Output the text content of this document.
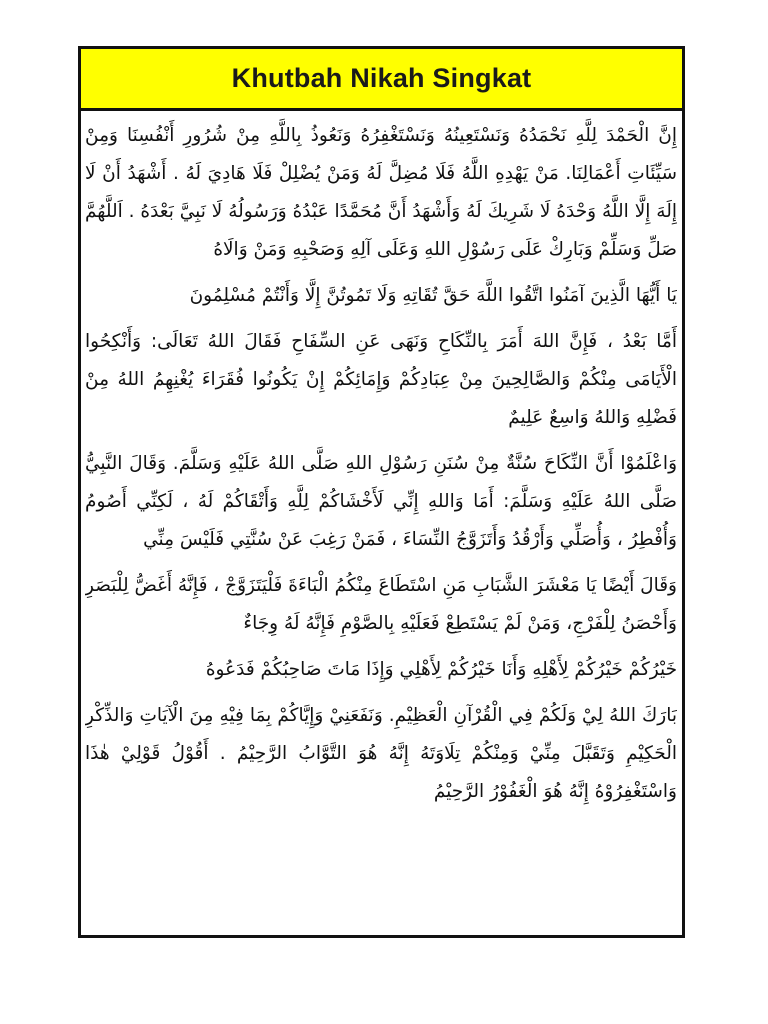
Khutbah Nikah Singkat

إِنَّ الْحَمْدَ لِلَّهِ نَحْمَدُهُ وَنَسْتَعِينُهُ وَنَسْتَغْفِرُهُ وَنَعُوذُ بِاللَّهِ مِنْ شُرُورِ أَنْفُسِنَا وَمِنْ سَيِّئَاتِ أَعْمَالِنَا. مَنْ يَهْدِهِ اللَّهُ فَلَا مُضِلَّ لَهُ وَمَنْ يُضْلِلْ فَلَا هَادِيَ لَهُ . أَشْهَدُ أَنْ لَا إِلَهَ إِلَّا اللَّهُ وَحْدَهُ لَا شَرِيكَ لَهُ وَأَشْهَدُ أَنَّ مُحَمَّدًا عَبْدُهُ وَرَسُولُهُ لَا نَبِيَّ بَعْدَهُ . اَللَّهُمَّ صَلِّ وَسَلِّمْ وَبَارِكْ عَلَى رَسُوْلِ اللهِ وَعَلَى آلِهِ وَصَحْبِهِ وَمَنْ وَالَاهُ

يَا أَيُّهَا الَّذِينَ آمَنُوا اتَّقُوا اللَّهَ حَقَّ تُقَاتِهِ وَلَا تَمُوتُنَّ إِلَّا وَأَنْتُمْ مُسْلِمُونَ

أَمَّا بَعْدُ ، فَإِنَّ اللهَ أَمَرَ بِالنِّكَاحِ وَنَهَى عَنِ السِّفَاحِ فَقَالَ اللهُ تَعَالَى: وَأَنْكِحُوا الْأَيَامَى مِنْكُمْ وَالصَّالِحِينَ مِنْ عِبَادِكُمْ وَإِمَائِكُمْ إِنْ يَكُونُوا فُقَرَاءَ يُغْنِهِمُ اللهُ مِنْ فَضْلِهِ وَاللهُ وَاسِعٌ عَلِيمٌ

وَاعْلَمُوْا أَنَّ النِّكَاحَ سُنَّةٌ مِنْ سُنَنِ رَسُوْلِ اللهِ صَلَّى اللهُ عَلَيْهِ وَسَلَّمَ. وَقَالَ النَّبِيُّ صَلَّى اللهُ عَلَيْهِ وَسَلَّمَ: أَمَا وَاللهِ إِنِّي لَأَخْشَاكُمْ لِلَّهِ وَأَتْقَاكُمْ لَهُ ، لَكِنِّي أَصُومُ وَأُفْطِرُ ، وَأُصَلِّي وَأَرْقُدُ وَأَتَزَوَّجُ النِّسَاءَ ، فَمَنْ رَغِبَ عَنْ سُنَّتِي فَلَيْسَ مِنِّي

وَقَالَ أَيْضًا يَا مَعْشَرَ الشَّبَابِ مَنِ اسْتَطَاعَ مِنْكُمُ الْبَاءَةَ فَلْيَتَزَوَّجْ ، فَإِنَّهُ أَغَضُّ لِلْبَصَرِ وَأَحْصَنُ لِلْفَرْجِ، وَمَنْ لَمْ يَسْتَطِعْ فَعَلَيْهِ بِالصَّوْمِ فَإِنَّهُ لَهُ وِجَاءٌ

خَيْرُكُمْ خَيْرُكُمْ لِأَهْلِهِ وَأَنَا خَيْرُكُمْ لِأَهْلِي وَإِذَا مَاتَ صَاحِبُكُمْ فَدَعُوهُ

بَارَكَ اللهُ لِيْ وَلَكُمْ فِي الْقُرْآنِ الْعَظِيْمِ. وَنَفَعَنِيْ وَإِيَّاكُمْ بِمَا فِيْهِ مِنَ الْآيَاتِ وَالذِّكْرِ الْحَكِيْمِ وَتَقَبَّلَ مِنِّيْ وَمِنْكُمْ تِلَاوَتَهُ إِنَّهُ هُوَ التَّوَّابُ الرَّحِيْمُ . أَقُوْلُ قَوْلِيْ هٰذَا وَاسْتَغْفِرُوْهُ إِنَّهُ هُوَ الْغَفُوْرُ الرَّحِيْمُ
